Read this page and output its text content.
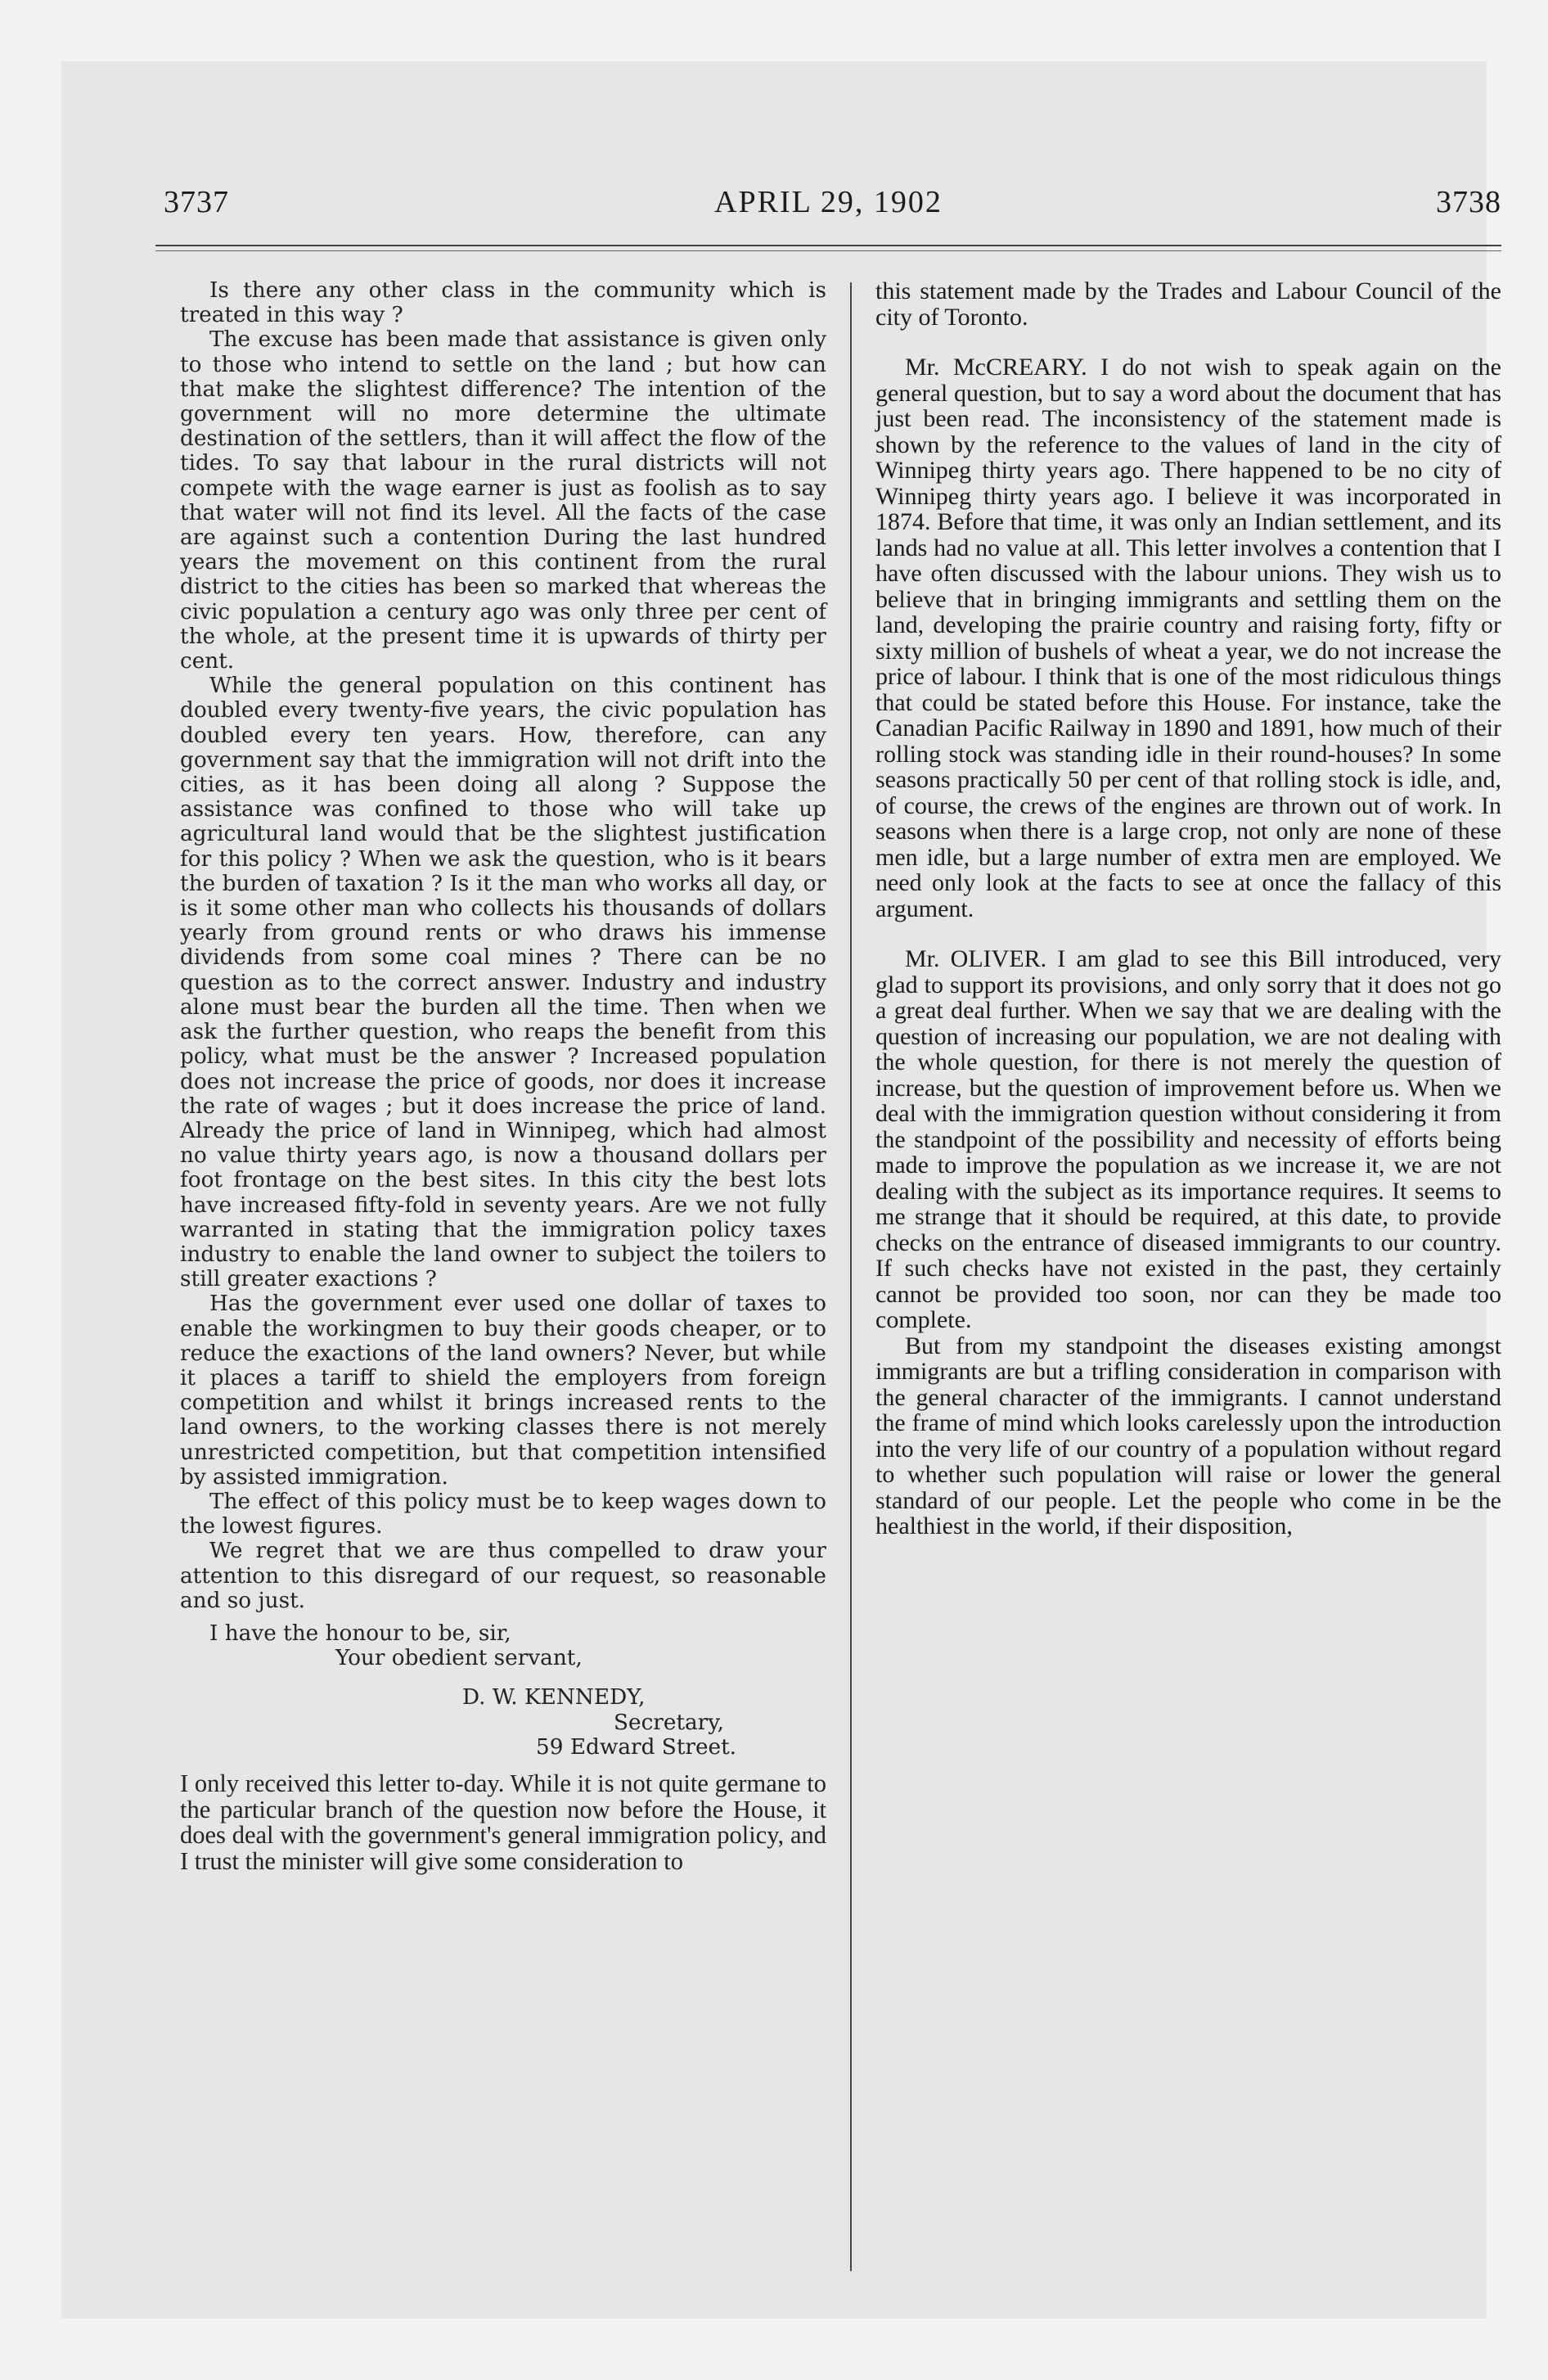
3737	APRIL 29, 1902	3738

Is there any other class in the community which is treated in this way ?

The excuse has been made that assistance is given only to those who intend to settle on the land ; but how can that make the slightest difference? The intention of the government will no more determine the ultimate destination of the settlers, than it will affect the flow of the tides. To say that labour in the rural districts will not compete with the wage earner is just as foolish as to say that water will not find its level. All the facts of the case are against such a contention During the last hundred years the movement on this continent from the rural district to the cities has been so marked that whereas the civic population a century ago was only three per cent of the whole, at the present time it is upwards of thirty per cent.

While the general population on this continent has doubled every twenty-five years, the civic population has doubled every ten years. How, therefore, can any government say that the immigration will not drift into the cities, as it has been doing all along ? Suppose the assistance was confined to those who will take up agricultural land would that be the slightest justification for this policy ? When we ask the question, who is it bears the burden of taxation ? Is it the man who works all day, or is it some other man who collects his thousands of dollars yearly from ground rents or who draws his immense dividends from some coal mines ? There can be no question as to the correct answer. Industry and industry alone must bear the burden all the time. Then when we ask the further question, who reaps the benefit from this policy, what must be the answer ? Increased population does not increase the price of goods, nor does it increase the rate of wages ; but it does increase the price of land. Already the price of land in Winnipeg, which had almost no value thirty years ago, is now a thousand dollars per foot frontage on the best sites. In this city the best lots have increased fifty-fold in seventy years. Are we not fully warranted in stating that the immigration policy taxes industry to enable the land owner to subject the toilers to still greater exactions ?

Has the government ever used one dollar of taxes to enable the workingmen to buy their goods cheaper, or to reduce the exactions of the land owners? Never, but while it places a tariff to shield the employers from foreign competition and whilst it brings increased rents to the land owners, to the working classes there is not merely unrestricted competition, but that competition intensified by assisted immigration.

The effect of this policy must be to keep wages down to the lowest figures.

We regret that we are thus compelled to draw your attention to this disregard of our request, so reasonable and so just.

I have the honour to be, sir,
Your obedient servant,
D. W. KENNEDY,
Secretary,
59 Edward Street.

I only received this letter to-day. While it is not quite germane to the particular branch of the question now before the House, it does deal with the government's general immigration policy, and I trust the minister will give some consideration to

this statement made by the Trades and Labour Council of the city of Toronto.

Mr. McCREARY. I do not wish to speak again on the general question, but to say a word about the document that has just been read. The inconsistency of the statement made is shown by the reference to the values of land in the city of Winnipeg thirty years ago. There happened to be no city of Winnipeg thirty years ago. I believe it was incorporated in 1874. Before that time, it was only an Indian settlement, and its lands had no value at all. This letter involves a contention that I have often discussed with the labour unions. They wish us to believe that in bringing immigrants and settling them on the land, developing the prairie country and raising forty, fifty or sixty million of bushels of wheat a year, we do not increase the price of labour. I think that is one of the most ridiculous things that could be stated before this House. For instance, take the Canadian Pacific Railway in 1890 and 1891, how much of their rolling stock was standing idle in their round-houses? In some seasons practically 50 per cent of that rolling stock is idle, and, of course, the crews of the engines are thrown out of work. In seasons when there is a large crop, not only are none of these men idle, but a large number of extra men are employed. We need only look at the facts to see at once the fallacy of this argument.

Mr. OLIVER. I am glad to see this Bill introduced, very glad to support its provisions, and only sorry that it does not go a great deal further. When we say that we are dealing with the question of increasing our population, we are not dealing with the whole question, for there is not merely the question of increase, but the question of improvement before us. When we deal with the immigration question without considering it from the standpoint of the possibility and necessity of efforts being made to improve the population as we increase it, we are not dealing with the subject as its importance requires. It seems to me strange that it should be required, at this date, to provide checks on the entrance of diseased immigrants to our country. If such checks have not existed in the past, they certainly cannot be provided too soon, nor can they be made too complete.

But from my standpoint the diseases existing amongst immigrants are but a trifling consideration in comparison with the general character of the immigrants. I cannot understand the frame of mind which looks carelessly upon the introduction into the very life of our country of a population without regard to whether such population will raise or lower the general standard of our people. Let the people who come in be the healthiest in the world, if their disposition,
